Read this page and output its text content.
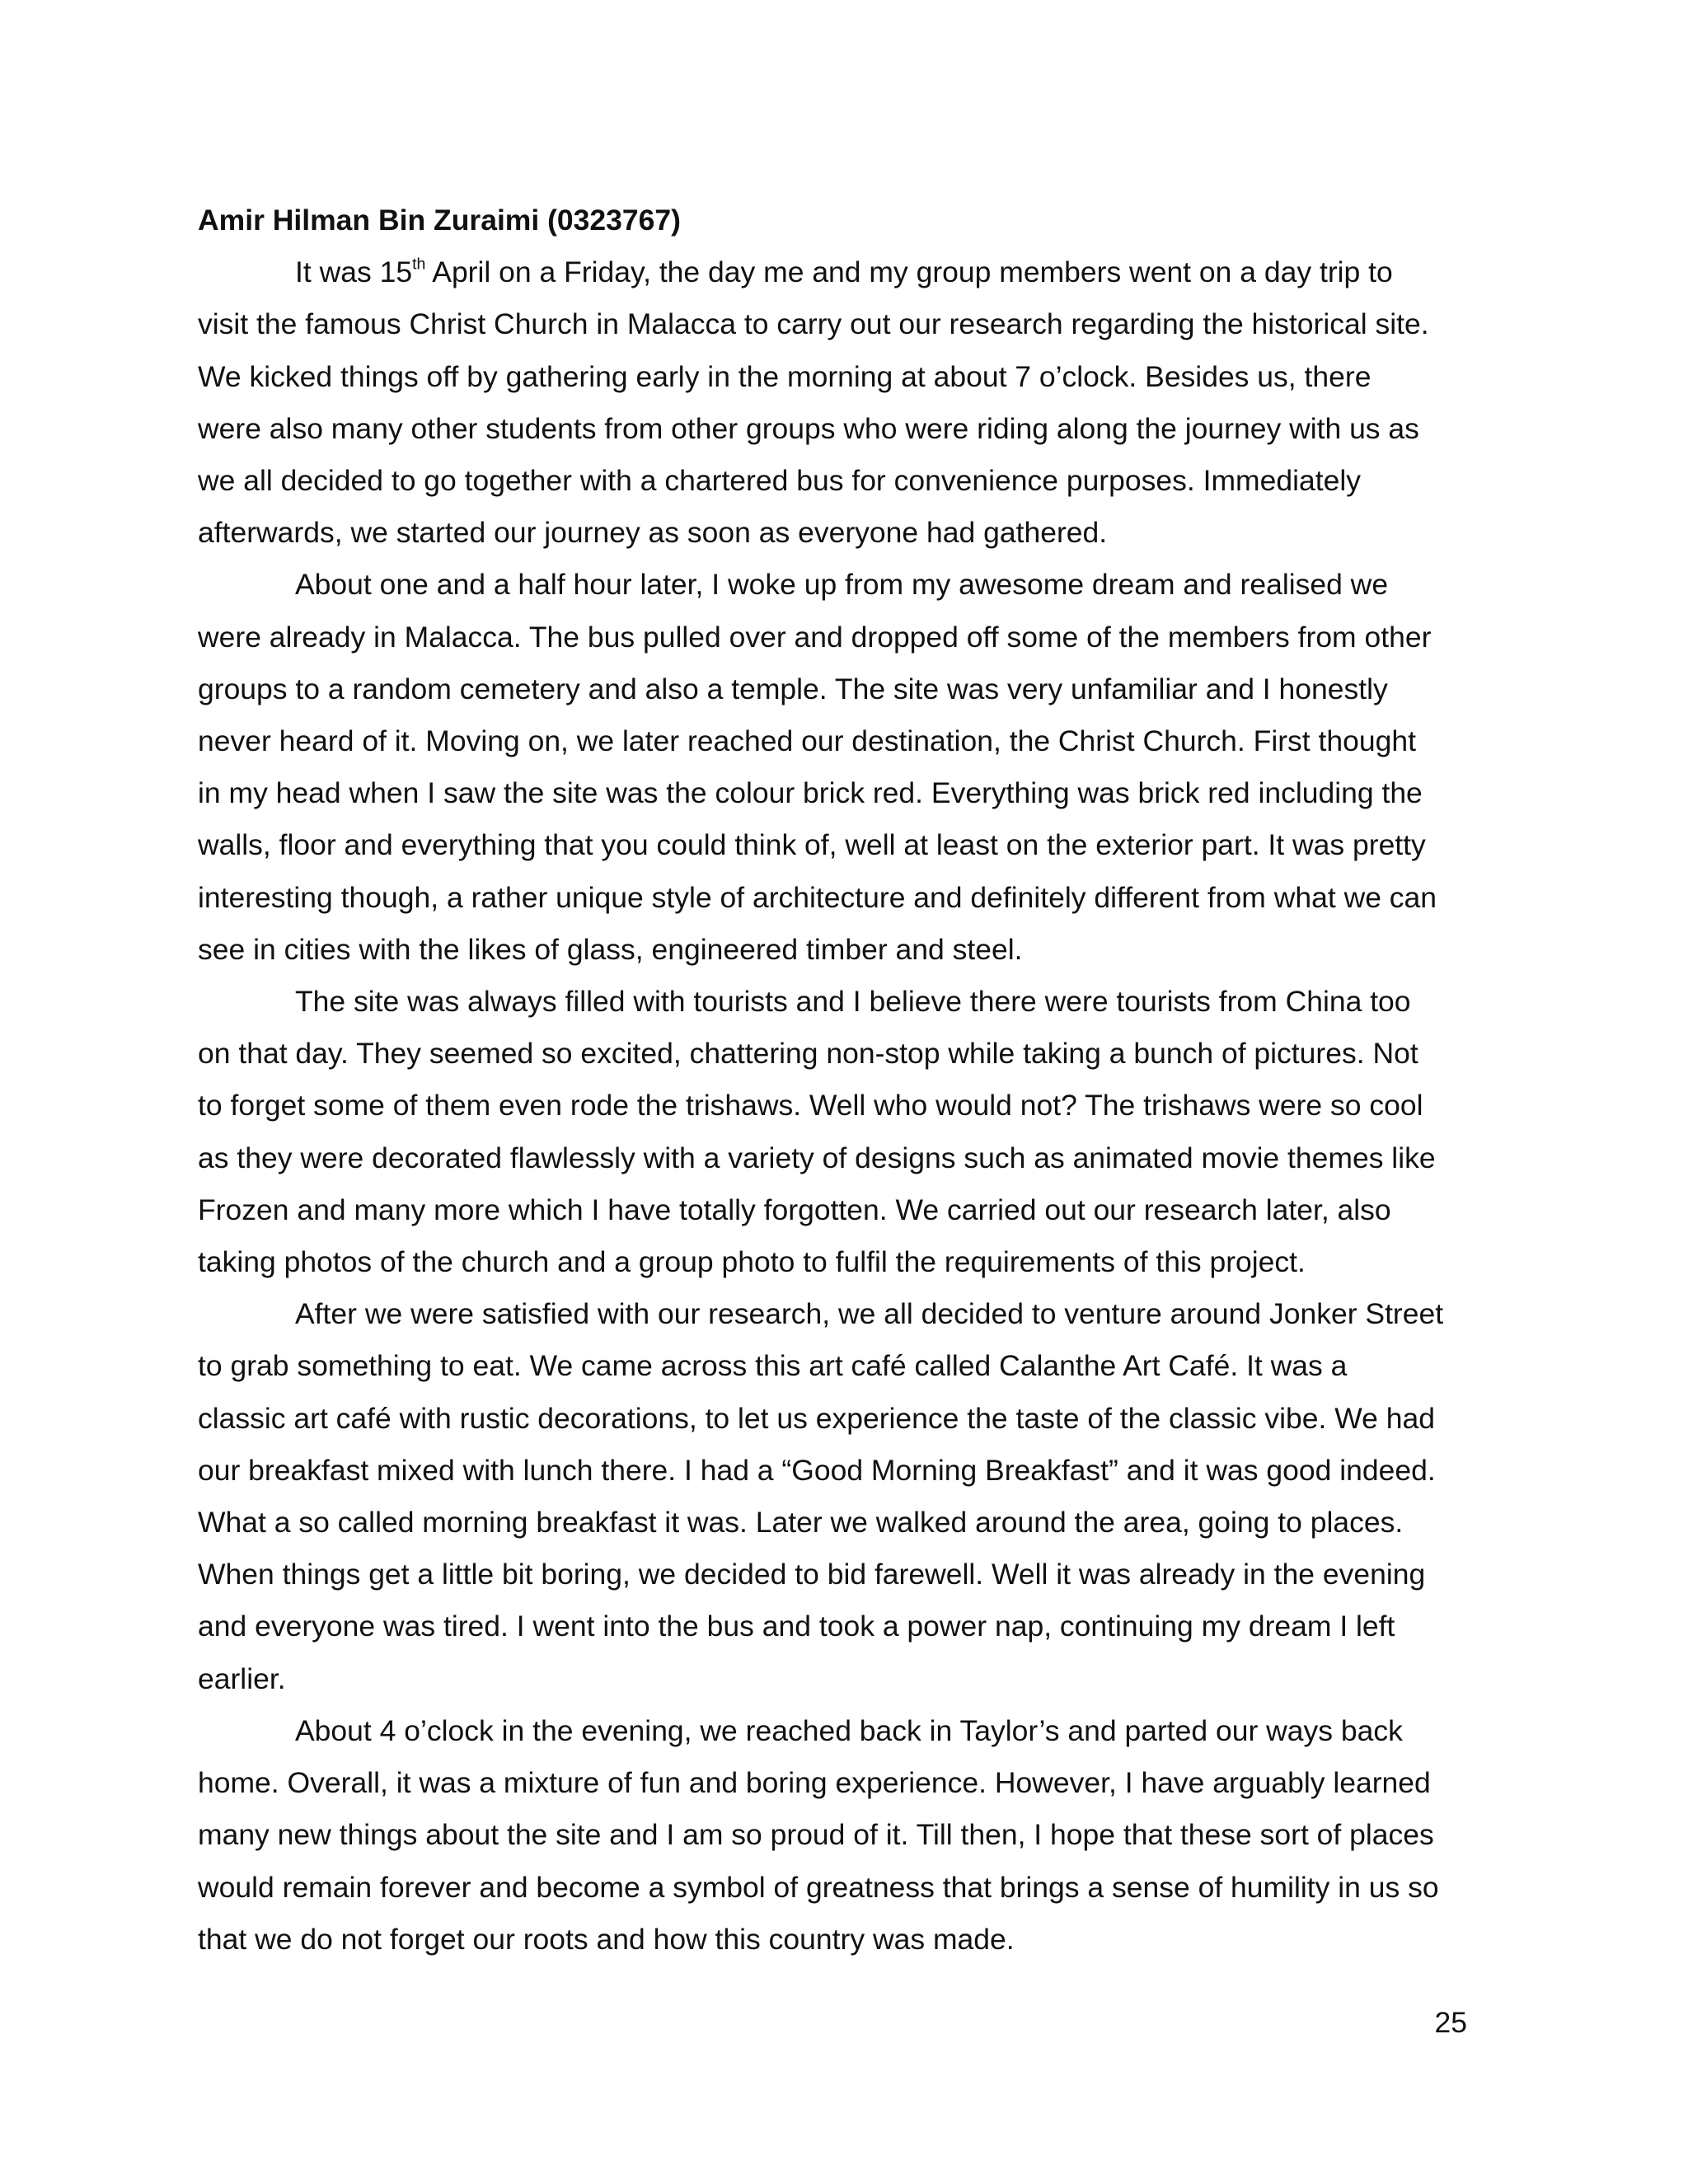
Amir Hilman Bin Zuraimi (0323767)

It was 15th April on a Friday, the day me and my group members went on a day trip to
visit the famous Christ Church in Malacca to carry out our research regarding the historical site.
We kicked things off by gathering early in the morning at about 7 o’clock. Besides us, there
were also many other students from other groups who were riding along the journey with us as
we all decided to go together with a chartered bus for convenience purposes. Immediately
afterwards, we started our journey as soon as everyone had gathered.

About one and a half hour later, I woke up from my awesome dream and realised we
were already in Malacca. The bus pulled over and dropped off some of the members from other
groups to a random cemetery and also a temple. The site was very unfamiliar and I honestly
never heard of it. Moving on, we later reached our destination, the Christ Church. First thought
in my head when I saw the site was the colour brick red. Everything was brick red including the
walls, floor and everything that you could think of, well at least on the exterior part. It was pretty
interesting though, a rather unique style of architecture and definitely different from what we can
see in cities with the likes of glass, engineered timber and steel.

The site was always filled with tourists and I believe there were tourists from China too
on that day. They seemed so excited, chattering non-stop while taking a bunch of pictures. Not
to forget some of them even rode the trishaws. Well who would not? The trishaws were so cool
as they were decorated flawlessly with a variety of designs such as animated movie themes like
Frozen and many more which I have totally forgotten. We carried out our research later, also
taking photos of the church and a group photo to fulfil the requirements of this project.

After we were satisfied with our research, we all decided to venture around Jonker Street
to grab something to eat. We came across this art café called Calanthe Art Café. It was a
classic art café with rustic decorations, to let us experience the taste of the classic vibe. We had
our breakfast mixed with lunch there. I had a “Good Morning Breakfast” and it was good indeed.
What a so called morning breakfast it was. Later we walked around the area, going to places.
When things get a little bit boring, we decided to bid farewell. Well it was already in the evening
and everyone was tired. I went into the bus and took a power nap, continuing my dream I left
earlier.

About 4 o’clock in the evening, we reached back in Taylor’s and parted our ways back
home. Overall, it was a mixture of fun and boring experience. However, I have arguably learned
many new things about the site and I am so proud of it. Till then, I hope that these sort of places
would remain forever and become a symbol of greatness that brings a sense of humility in us so
that we do not forget our roots and how this country was made.

25
